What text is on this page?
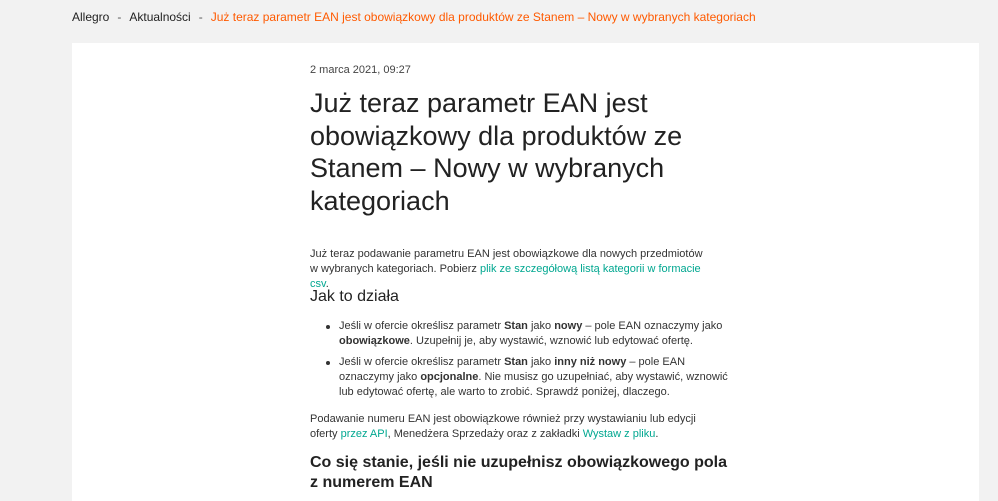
Allegro - Aktualności - Już teraz parametr EAN jest obowiązkowy dla produktów ze Stanem – Nowy w wybranych kategoriach
2 marca 2021, 09:27
Już teraz parametr EAN jest obowiązkowy dla produktów ze Stanem – Nowy w wybranych kategoriach

Już teraz podawanie parametru EAN jest obowiązkowe dla nowych przedmiotów w wybranych kategoriach. Pobierz plik ze szczegółową listą kategorii w formacie csv.

Jak to działa
Jeśli w ofercie określisz parametr Stan jako nowy – pole EAN oznaczymy jako obowiązkowe. Uzupełnij je, aby wystawić, wznowić lub edytować ofertę.
Jeśli w ofercie określisz parametr Stan jako inny niż nowy – pole EAN oznaczymy jako opcjonalne. Nie musisz go uzupełniać, aby wystawić, wznowić lub edytować ofertę, ale warto to zrobić. Sprawdź poniżej, dlaczego.

Podawanie numeru EAN jest obowiązkowe również przy wystawianiu lub edycji oferty przez API, Menedżera Sprzedaży oraz z zakładki Wystaw z pliku.

Co się stanie, jeśli nie uzupełnisz obowiązkowego pola z numerem EAN
